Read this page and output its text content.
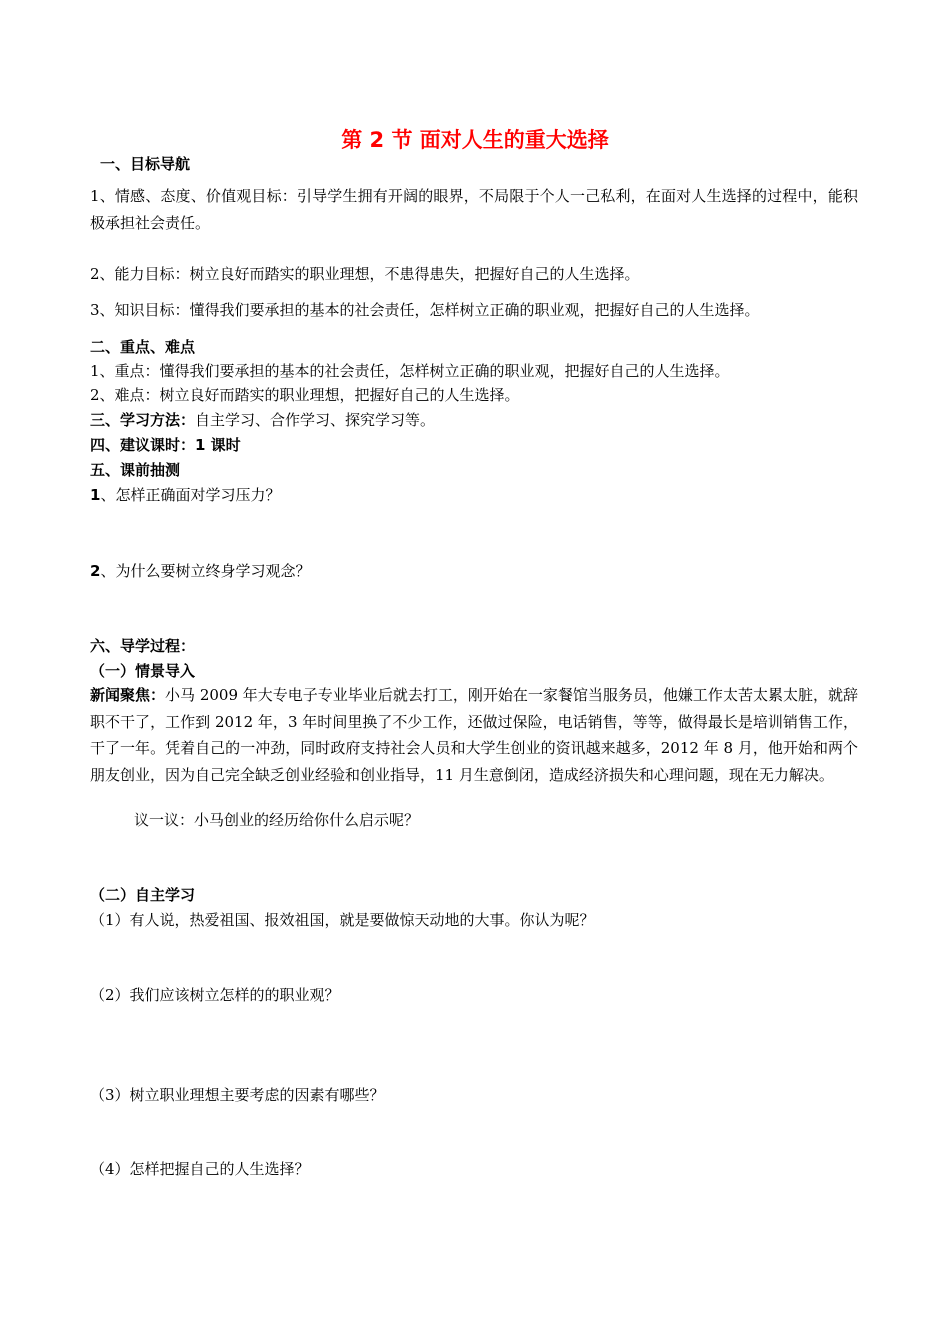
第 2 节 面对人生的重大选择
一、目标导航
1、情感、态度、价值观目标：引导学生拥有开阔的眼界，不局限于个人一己私利，在面对人生选择的过程中，能积极承担社会责任。
2、能力目标：树立良好而踏实的职业理想，不患得患失，把握好自己的人生选择。
3、知识目标：懂得我们要承担的基本的社会责任，怎样树立正确的职业观，把握好自己的人生选择。
二、重点、难点
1、重点：懂得我们要承担的基本的社会责任，怎样树立正确的职业观，把握好自己的人生选择。
2、难点：树立良好而踏实的职业理想，把握好自己的人生选择。
三、学习方法：自主学习、合作学习、探究学习等。
四、建议课时：1 课时
五、课前抽测
1、怎样正确面对学习压力？
2、为什么要树立终身学习观念？
六、导学过程：
（一）情景导入
新闻聚焦：小马 2009 年大专电子专业毕业后就去打工，刚开始在一家餐馆当服务员，他嫌工作太苦太累太脏，就辞职不干了，工作到 2012 年，3 年时间里换了不少工作，还做过保险，电话销售，等等，做得最长是培训销售工作，干了一年。凭着自己的一冲劲，同时政府支持社会人员和大学生创业的资讯越来越多，2012 年 8 月，他开始和两个朋友创业，因为自己完全缺乏创业经验和创业指导，11 月生意倒闭，造成经济损失和心理问题，现在无力解决。
议一议：小马创业的经历给你什么启示呢？
（二）自主学习
（1）有人说，热爱祖国、报效祖国，就是要做惊天动地的大事。你认为呢？
（2）我们应该树立怎样的的职业观？
（3）树立职业理想主要考虑的因素有哪些？
（4）怎样把握自己的人生选择？
